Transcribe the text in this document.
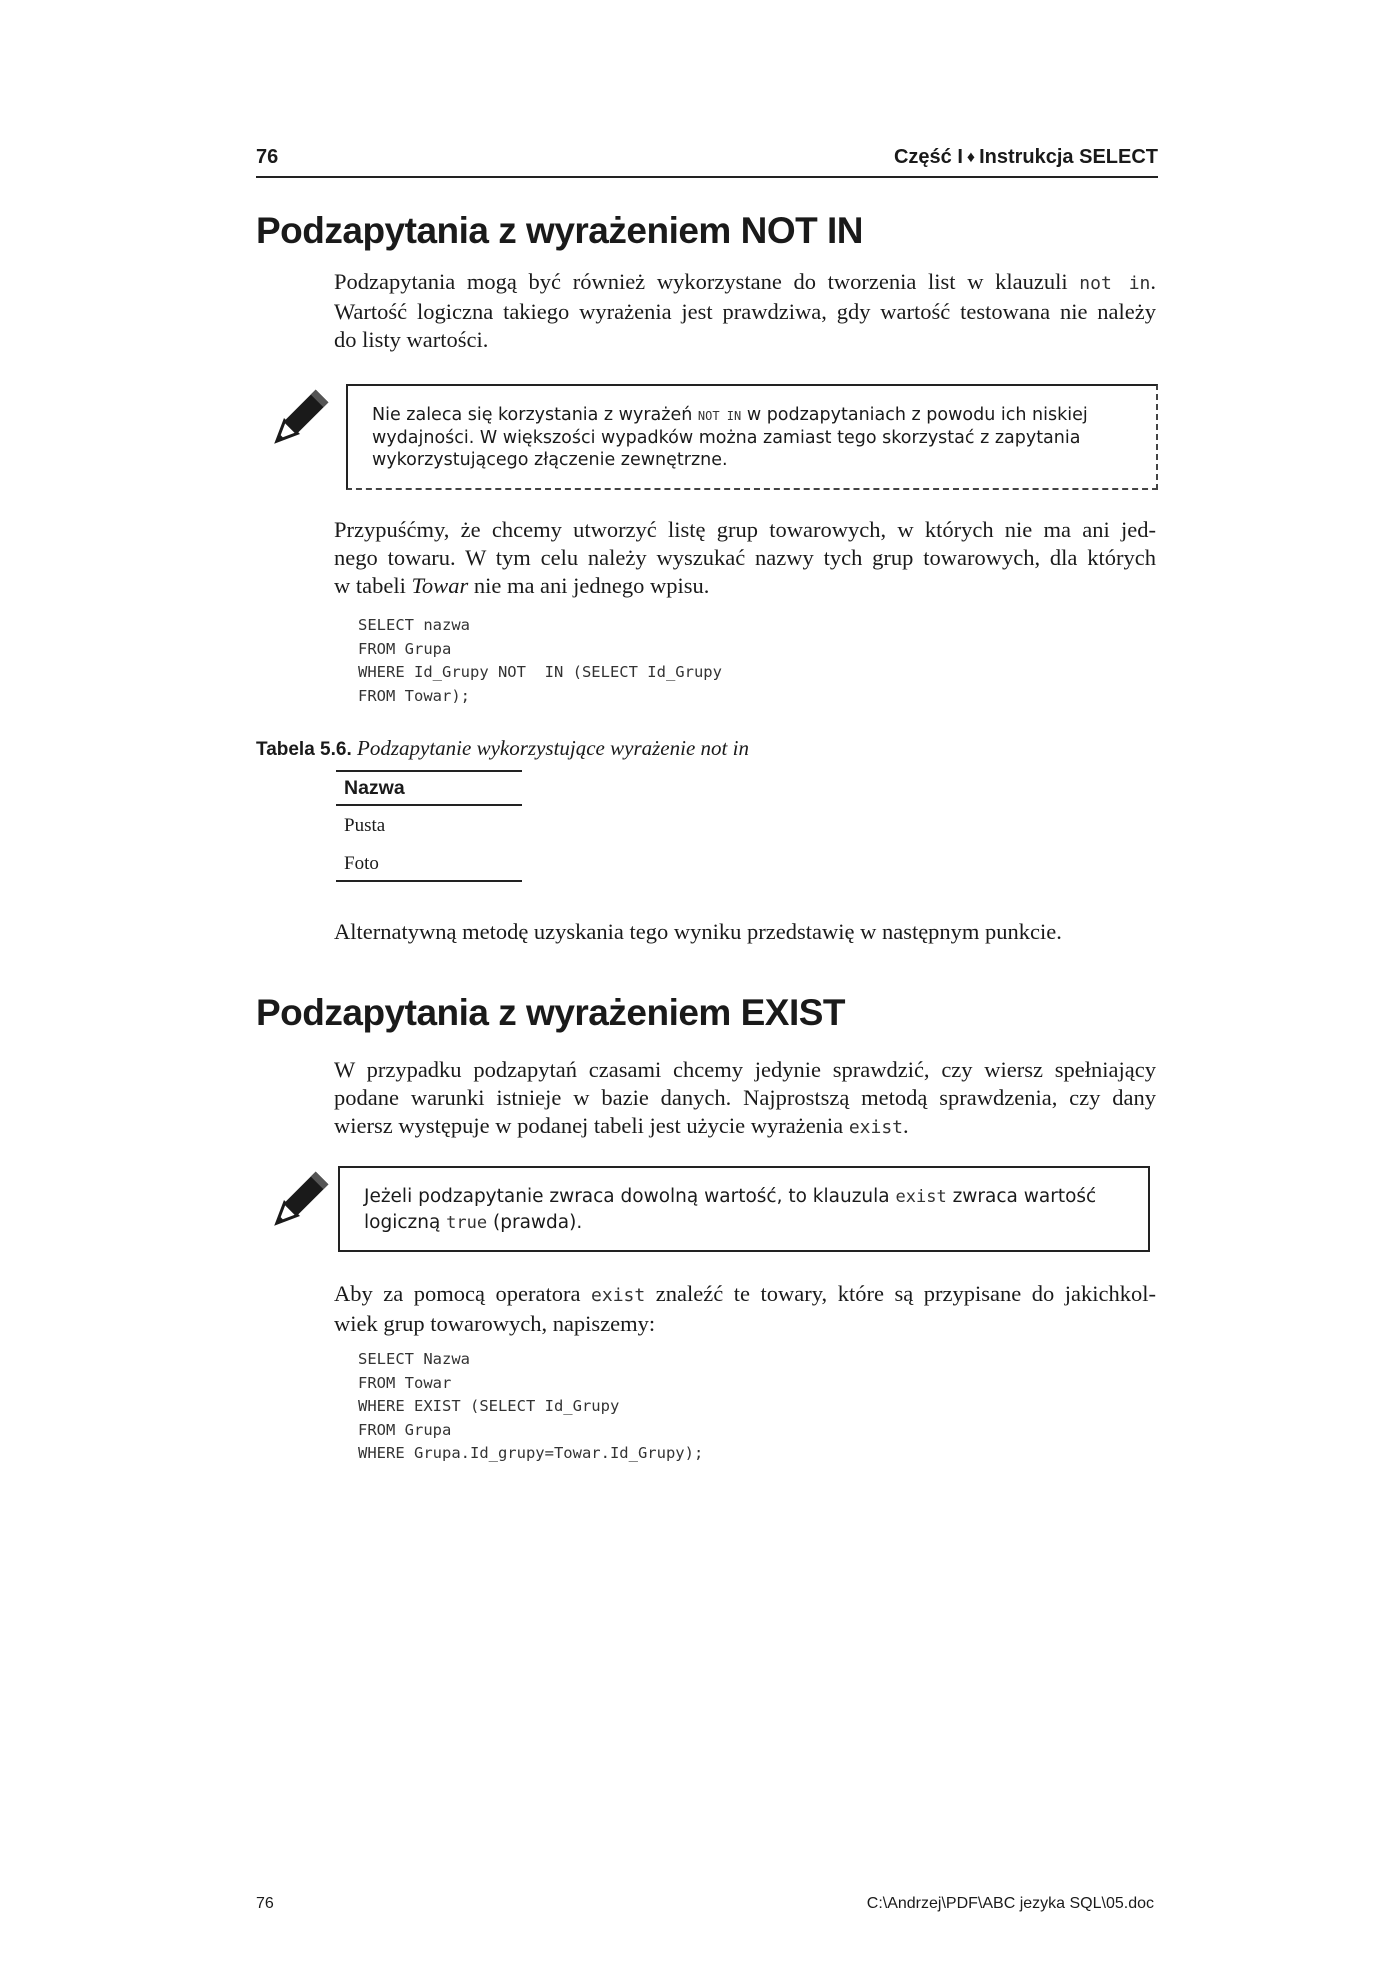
76	Część I ♦ Instrukcja SELECT
Podzapytania z wyrażeniem NOT IN
Podzapytania mogą być również wykorzystane do tworzenia list w klauzuli not in.
Wartość logiczna takiego wyrażenia jest prawdziwa, gdy wartość testowana nie należy
do listy wartości.
Nie zaleca się korzystania z wyrażeń NOT IN w podzapytaniach z powodu ich niskiej
wydajności. W większości wypadków można zamiast tego skorzystać z zapytania
wykorzystującego złączenie zewnętrzne.
Przypuśćmy, że chcemy utworzyć listę grup towarowych, w których nie ma ani jed-
nego towaru. W tym celu należy wyszukać nazwy tych grup towarowych, dla których
w tabeli Towar nie ma ani jednego wpisu.
SELECT nazwa
FROM Grupa
WHERE Id_Grupy NOT  IN (SELECT Id_Grupy
FROM Towar);
Tabela 5.6. Podzapytanie wykorzystujące wyrażenie not in
Nazwa
Pusta
Foto
Alternatywną metodę uzyskania tego wyniku przedstawię w następnym punkcie.
Podzapytania z wyrażeniem EXIST
W przypadku podzapytań czasami chcemy jedynie sprawdzić, czy wiersz spełniający
podane warunki istnieje w bazie danych. Najprostszą metodą sprawdzenia, czy dany
wiersz występuje w podanej tabeli jest użycie wyrażenia exist.
Jeżeli podzapytanie zwraca dowolną wartość, to klauzula exist zwraca wartość
logiczną true (prawda).
Aby za pomocą operatora exist znaleźć te towary, które są przypisane do jakichkol-
wiek grup towarowych, napiszemy:
SELECT Nazwa
FROM Towar
WHERE EXIST (SELECT Id_Grupy
FROM Grupa
WHERE Grupa.Id_grupy=Towar.Id_Grupy);
76	C:\Andrzej\PDF\ABC jezyka SQL\05.doc
